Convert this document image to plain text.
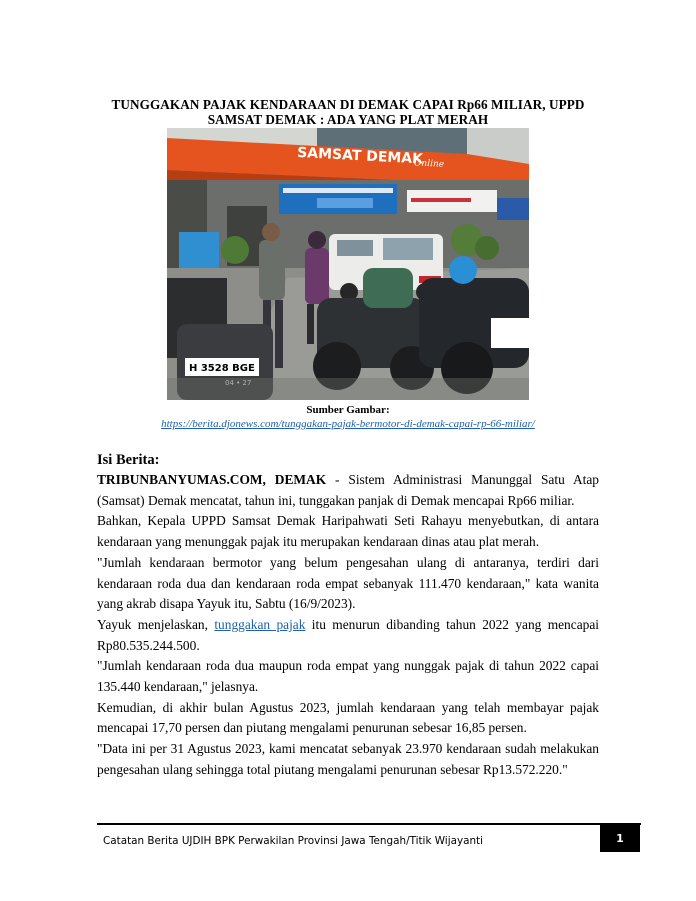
TUNGGAKAN PAJAK KENDARAAN DI DEMAK CAPAI Rp66 MILIAR, UPPD
SAMSAT DEMAK : ADA YANG PLAT MERAH
SAMSAT DEMAK
Online
H 3528 BGE
04 • 27
Sumber Gambar:
https://berita.djonews.com/tunggakan-pajak-bermotor-di-demak-capai-rp-66-miliar/
Isi Berita:

TRIBUNBANYUMAS.COM, DEMAK - Sistem Administrasi Manunggal Satu Atap (Samsat) Demak mencatat, tahun ini, tunggakan panjak di Demak mencapai Rp66 miliar.

Bahkan, Kepala UPPD Samsat Demak Haripahwati Seti Rahayu menyebutkan, di antara kendaraan yang menunggak pajak itu merupakan kendaraan dinas atau plat merah.

"Jumlah kendaraan bermotor yang belum pengesahan ulang di antaranya, terdiri dari kendaraan roda dua dan kendaraan roda empat sebanyak 111.470 kendaraan," kata wanita yang akrab disapa Yayuk itu, Sabtu (16/9/2023).

Yayuk menjelaskan, tunggakan pajak itu menurun dibanding tahun 2022 yang mencapai Rp80.535.244.500.

"Jumlah kendaraan roda dua maupun roda empat yang nunggak pajak di tahun 2022 capai 135.440 kendaraan," jelasnya.

Kemudian, di akhir bulan Agustus 2023, jumlah kendaraan yang telah membayar pajak mencapai 17,70 persen dan piutang mengalami penurunan sebesar 16,85 persen.

"Data ini per 31 Agustus 2023, kami mencatat sebanyak 23.970 kendaraan sudah melakukan pengesahan ulang sehingga total piutang mengalami penurunan sebesar Rp13.572.220."

Catatan Berita UJDIH BPK Perwakilan Provinsi Jawa Tengah/Titik Wijayanti	1
